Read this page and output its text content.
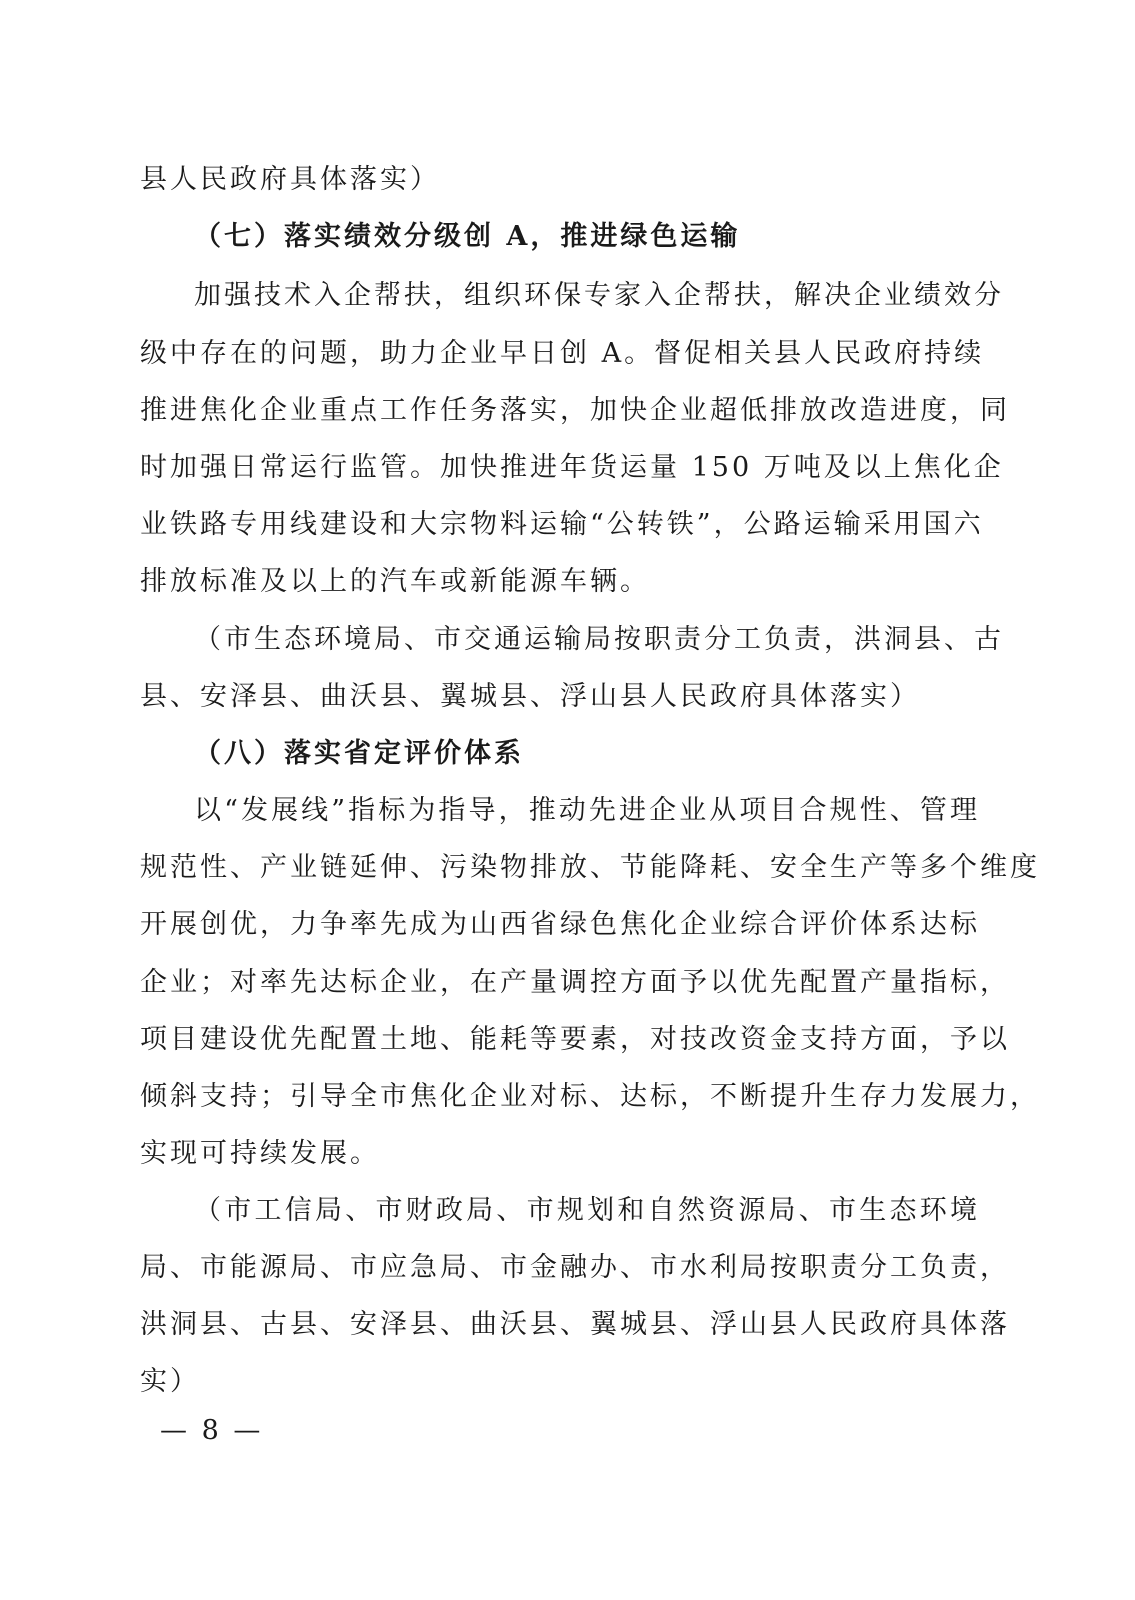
县人民政府具体落实）
（七）落实绩效分级创 A，推进绿色运输
加强技术入企帮扶，组织环保专家入企帮扶，解决企业绩效分
级中存在的问题，助力企业早日创 A。督促相关县人民政府持续
推进焦化企业重点工作任务落实，加快企业超低排放改造进度，同
时加强日常运行监管。加快推进年货运量 150 万吨及以上焦化企
业铁路专用线建设和大宗物料运输“公转铁”，公路运输采用国六
排放标准及以上的汽车或新能源车辆。
（市生态环境局、市交通运输局按职责分工负责，洪洞县、古
县、安泽县、曲沃县、翼城县、浮山县人民政府具体落实）
（八）落实省定评价体系
以“发展线”指标为指导，推动先进企业从项目合规性、管理
规范性、产业链延伸、污染物排放、节能降耗、安全生产等多个维度
开展创优，力争率先成为山西省绿色焦化企业综合评价体系达标
企业；对率先达标企业，在产量调控方面予以优先配置产量指标，
项目建设优先配置土地、能耗等要素，对技改资金支持方面，予以
倾斜支持；引导全市焦化企业对标、达标，不断提升生存力发展力，
实现可持续发展。
（市工信局、市财政局、市规划和自然资源局、市生态环境
局、市能源局、市应急局、市金融办、市水利局按职责分工负责，
洪洞县、古县、安泽县、曲沃县、翼城县、浮山县人民政府具体落
实）
— 8 —
